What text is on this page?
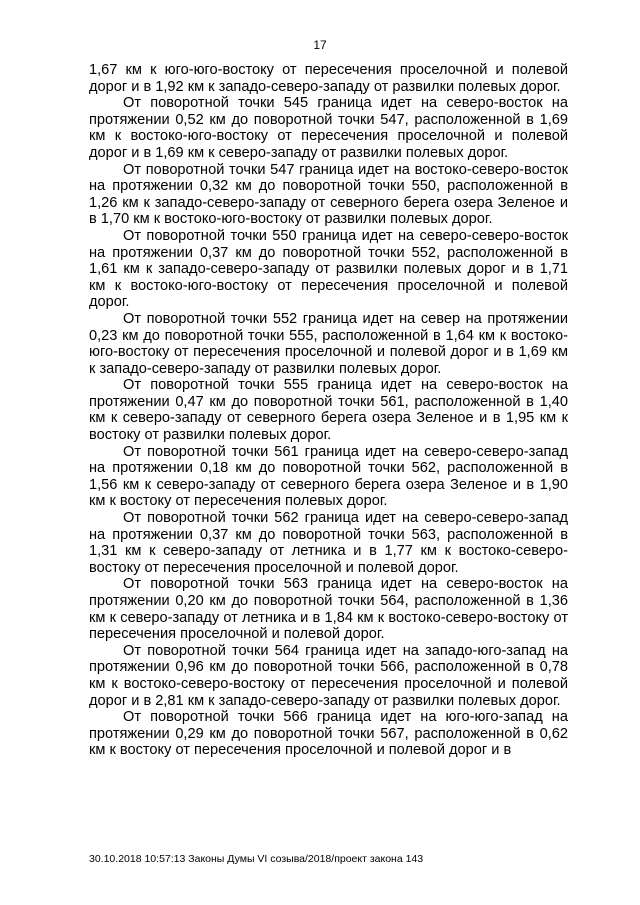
17

1,67 км к юго-юго-востоку от пересечения проселочной и полевой дорог и в 1,92 км к западо-северо-западу от развилки полевых дорог.

От поворотной точки 545 граница идет на северо-восток на протяжении 0,52 км до поворотной точки 547, расположенной в 1,69 км к востоко-юго-востоку от пересечения проселочной и полевой дорог и в 1,69 км к северо-западу от развилки полевых дорог.

От поворотной точки 547 граница идет на востоко-северо-восток на протяжении 0,32 км до поворотной точки 550, расположенной в 1,26 км к западо-северо-западу от северного берега озера Зеленое и в 1,70 км к востоко-юго-востоку от развилки полевых дорог.

От поворотной точки 550 граница идет на северо-северо-восток на протяжении 0,37 км до поворотной точки 552, расположенной в 1,61 км к западо-северо-западу от развилки полевых дорог и в 1,71 км к востоко-юго-востоку от пересечения проселочной и полевой дорог.

От поворотной точки 552 граница идет на север на протяжении 0,23 км до поворотной точки 555, расположенной в 1,64 км к востоко-юго-востоку от пересечения проселочной и полевой дорог и в 1,69 км к западо-северо-западу от развилки полевых дорог.

От поворотной точки 555 граница идет на северо-восток на протяжении 0,47 км до поворотной точки 561, расположенной в 1,40 км к северо-западу от северного берега озера Зеленое и в 1,95 км к востоку от развилки полевых дорог.

От поворотной точки 561 граница идет на северо-северо-запад на протяжении 0,18 км до поворотной точки 562, расположенной в 1,56 км к северо-западу от северного берега озера Зеленое и в 1,90 км к востоку от пересечения полевых дорог.

От поворотной точки 562 граница идет на северо-северо-запад на протяжении 0,37 км до поворотной точки 563, расположенной в 1,31 км к северо-западу от летника и в 1,77 км к востоко-северо-востоку от пересечения проселочной и полевой дорог.

От поворотной точки 563 граница идет на северо-восток на протяжении 0,20 км до поворотной точки 564, расположенной в 1,36 км к северо-западу от летника и в 1,84 км к востоко-северо-востоку от пересечения проселочной и полевой дорог.

От поворотной точки 564 граница идет на западо-юго-запад на протяжении 0,96 км до поворотной точки 566, расположенной в 0,78 км к востоко-северо-востоку от пересечения проселочной и полевой дорог и в 2,81 км к западо-северо-западу от развилки полевых дорог.

От поворотной точки 566 граница идет на юго-юго-запад на протяжении 0,29 км до поворотной точки 567, расположенной в 0,62 км к востоку от пересечения проселочной и полевой дорог и в

30.10.2018 10:57:13 Законы Думы VI созыва/2018/проект закона 143
